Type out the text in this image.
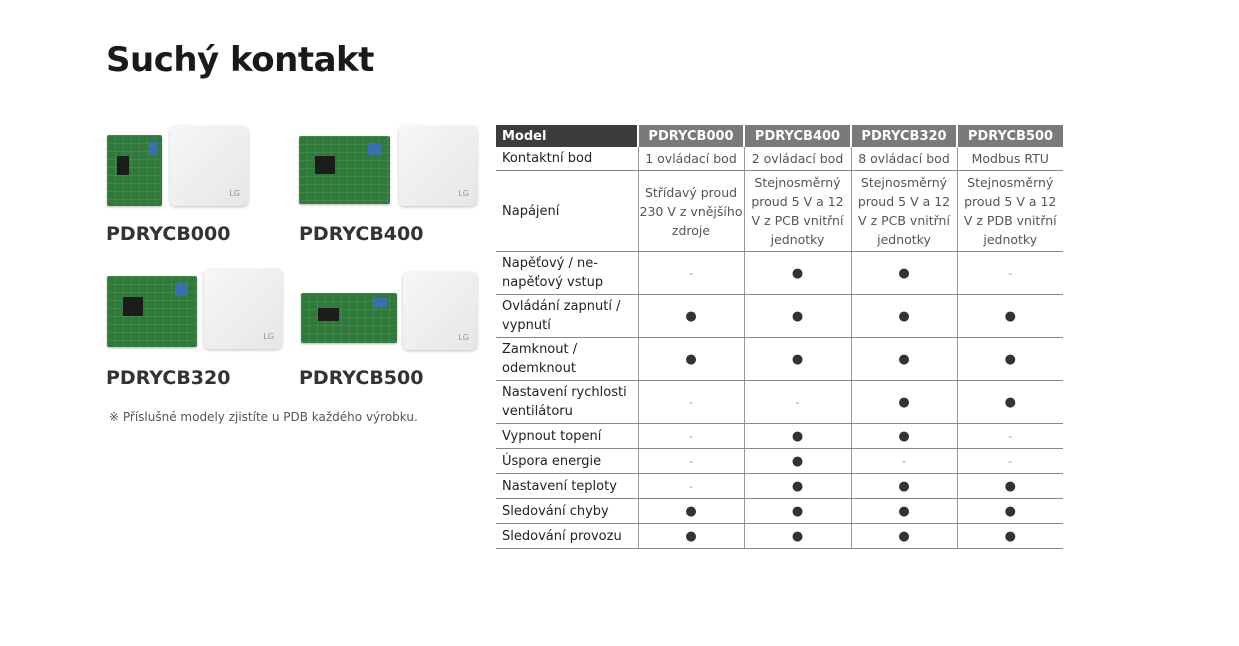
Suchý kontakt
LG
PDRYCB000
LG
PDRYCB400
LG
PDRYCB320
LG
PDRYCB500
※ Příslušné modely zjistíte u PDB každého výrobku.
Model	PDRYCB000	PDRYCB400	PDRYCB320	PDRYCB500
Kontaktní bod	1 ovládací bod	2 ovládací bod	8 ovládací bod	Modbus RTU
Napájení	Střídavý proud 230 V z vnějšího zdroje	Stejnosměrný proud 5 V a 12 V z PCB vnitřní jednotky	Stejnosměrný proud 5 V a 12 V z PCB vnitřní jednotky	Stejnosměrný proud 5 V a 12 V z PDB vnitřní jednotky
Napěťový / ne-napěťový vstup	-	●	●	-
Ovládání zapnutí / vypnutí	●	●	●	●
Zamknout / odemknout	●	●	●	●
Nastavení rychlosti ventilátoru	-	-	●	●
Vypnout topení	-	●	●	-
Úspora energie	-	●	-	-
Nastavení teploty	-	●	●	●
Sledování chyby	●	●	●	●
Sledování provozu	●	●	●	●
